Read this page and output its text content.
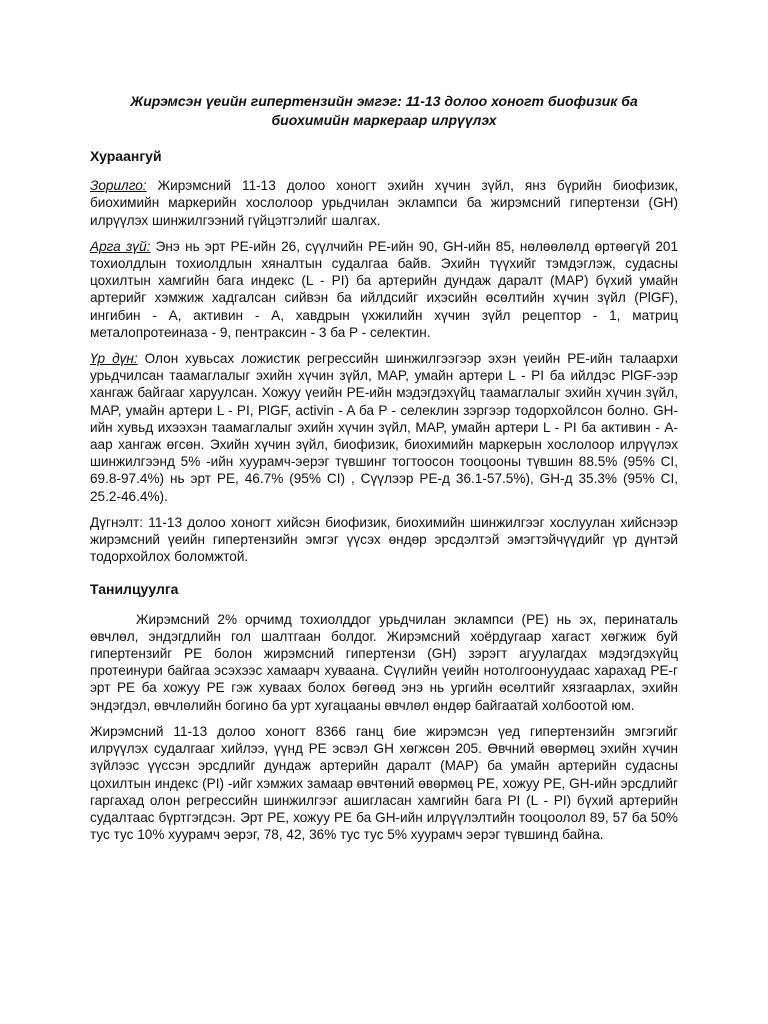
Жирэмсэн үеийн гипертензийн эмгэг: 11-13 долоо хоногт биофизик ба биохимийн маркераар илрүүлэх
Хураангуй

Зорилго: Жирэмсний 11-13 долоо хоногт эхийн хүчин зүйл, янз бүрийн биофизик, биохимийн маркерийн хослолоор урьдчилан эклампси ба жирэмсний гипертензи (GH) илрүүлэх шинжилгээний гүйцэтгэлийг шалгах.

Арга зүй: Энэ нь эрт PE-ийн 26, сүүлчийн PE-ийн 90, GH-ийн 85, нөлөөлөлд өртөөгүй 201 тохиолдлын тохиолдлын хяналтын судалгаа байв. Эхийн түүхийг тэмдэглэж, судасны цохилтын хамгийн бага индекс (L - PI) ба артерийн дундаж даралт (MAP) бүхий умайн артерийг хэмжиж хадгалсан сийвэн ба ийлдсийг ихэсийн өсөлтийн хүчин зүйл (PlGF), ингибин - А, активин - А, хавдрын үхжилийн хүчин зүйл рецептор - 1, матриц металопротеиназа - 9, пентраксин - 3 ба P - селектин.

Үр дүн: Олон хувьсах ложистик регрессийн шинжилгээгээр эхэн үеийн PE-ийн талаархи урьдчилсан таамаглалыг эхийн хүчин зүйл, MAP, умайн артери L - PI ба ийлдэс PlGF-ээр хангаж байгааг харуулсан. Хожуу үеийн PE-ийн мэдэгдэхүйц таамаглалыг эхийн хүчин зүйл, MAP, умайн артери L - PI, PlGF, activin - A ба P - селеклин зэргээр тодорхойлсон болно. GH-ийн хувьд ихээхэн таамаглалыг эхийн хүчин зүйл, MAP, умайн артери L - PI ба активин - А-аар хангаж өгсөн. Эхийн хүчин зүйл, биофизик, биохимийн маркерын хослолоор илрүүлэх шинжилгээнд 5% -ийн хуурамч-эерэг түвшинг тогтоосон тооцооны түвшин 88.5% (95% CI, 69.8-97.4%) нь эрт PE, 46.7% (95% CI) , Сүүлээр PE-д 36.1-57.5%), GH-д 35.3% (95% CI, 25.2-46.4%).

Дүгнэлт: 11-13 долоо хоногт хийсэн биофизик, биохимийн шинжилгээг хослуулан хийснээр жирэмсний үеийн гипертензийн эмгэг үүсэх өндөр эрсдэлтэй эмэгтэйчүүдийг үр дүнтэй тодорхойлох боломжтой.

Танилцуулга

Жирэмсний 2% орчимд тохиолддог урьдчилан эклампси (PE) нь эх, перинаталь өвчлөл, эндэгдлийн гол шалтгаан болдог. Жирэмсний хоёрдугаар хагаст хөгжиж буй гипертензийг PE болон жирэмсний гипертензи (GH) зэрэгт агуулагдах мэдэгдэхүйц протеинури байгаа эсэхээс хамаарч хуваана. Сүүлийн үеийн нотолгоонуудаас харахад PE-г эрт PE ба хожуу PE гэж хуваах болох бөгөөд энэ нь ургийн өсөлтийг хязгаарлах, эхийн эндэгдэл, өвчлөлийн богино ба урт хугацааны өвчлөл өндөр байгаатай холбоотой юм.

Жирэмсний 11-13 долоо хоногт 8366 ганц бие жирэмсэн үед гипертензийн эмгэгийг илрүүлэх судалгааг хийлээ, үүнд PE эсвэл GH хөгжсөн 205. Өвчний өвөрмөц эхийн хүчин зүйлээс үүссэн эрсдлийг дундаж артерийн даралт (MAP) ба умайн артерийн судасны цохилтын индекс (PI) -ийг хэмжих замаар өвчтөний өвөрмөц PE, хожуу PE, GH-ийн эрсдлийг гаргахад олон регрессийн шинжилгээг ашигласан хамгийн бага PI (L - PI) бүхий артерийн судалтаас бүртгэгдсэн. Эрт PE, хожуу PE ба GH-ийн илрүүлэлтийн тооцоолол 89, 57 ба 50% тус тус 10% хуурамч эерэг, 78, 42, 36% тус тус 5% хуурамч эерэг түвшинд байна.
